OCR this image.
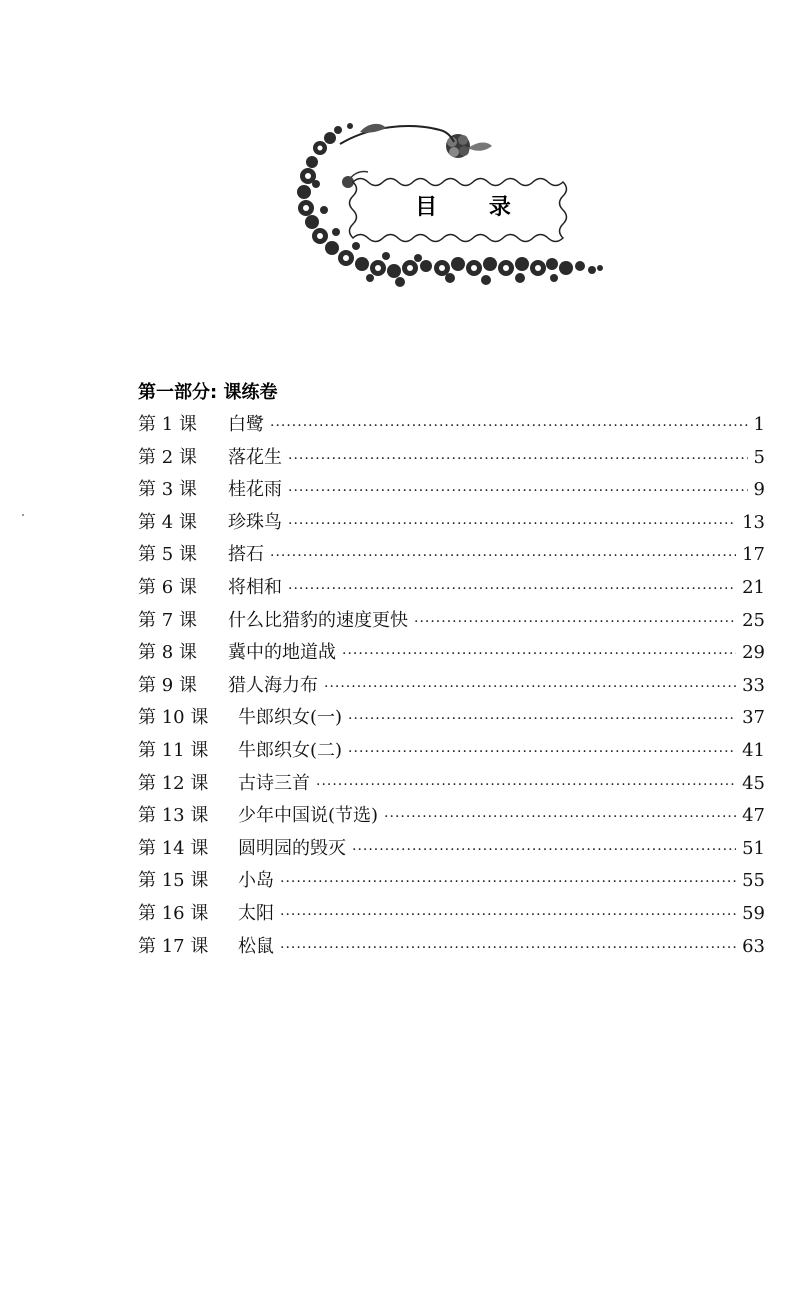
目 录
第一部分: 课练卷
第 1 课	白鹭 ·····	1
第 2 课	落花生 ·····	5
第 3 课	桂花雨 ·····	9
第 4 课	珍珠鸟 ·····	13
第 5 课	搭石 ·····	17
第 6 课	将相和 ·····	21
第 7 课	什么比猎豹的速度更快 ·····	25
第 8 课	冀中的地道战 ·····	29
第 9 课	猎人海力布 ·····	33
第 10 课	牛郎织女(一) ·····	37
第 11 课	牛郎织女(二) ·····	41
第 12 课	古诗三首 ·····	45
第 13 课	少年中国说(节选) ·····	47
第 14 课	圆明园的毁灭 ·····	51
第 15 课	小岛 ·····	55
第 16 课	太阳 ·····	59
第 17 课	松鼠 ·····	63
